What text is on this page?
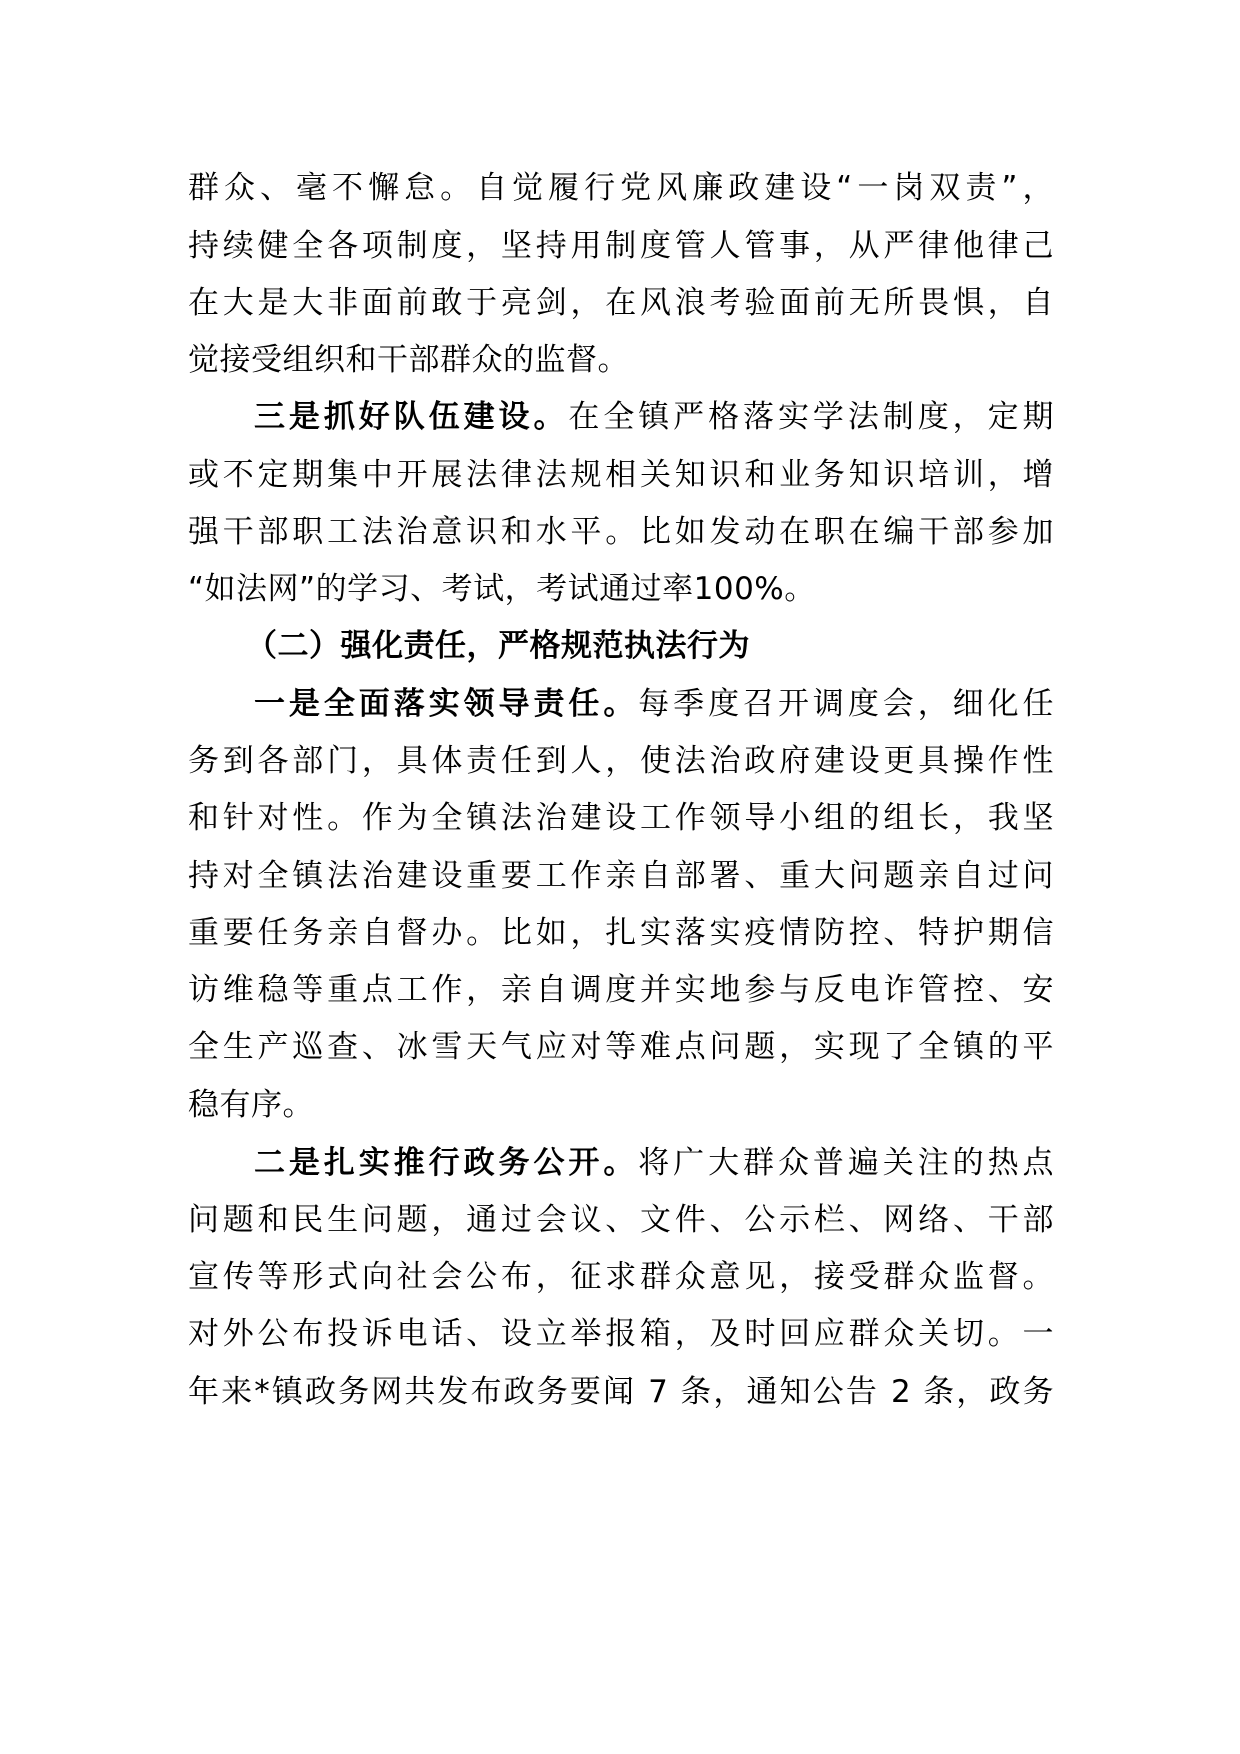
群众、毫不懈怠。自觉履行党风廉政建设“一岗双责”，
持续健全各项制度，坚持用制度管人管事，从严律他律己
在大是大非面前敢于亮剑，在风浪考验面前无所畏惧，自
觉接受组织和干部群众的监督。
三是抓好队伍建设。在全镇严格落实学法制度，定期
或不定期集中开展法律法规相关知识和业务知识培训，增
强干部职工法治意识和水平。比如发动在职在编干部参加
“如法网”的学习、考试，考试通过率100%。
（二）强化责任，严格规范执法行为
一是全面落实领导责任。每季度召开调度会，细化任
务到各部门，具体责任到人，使法治政府建设更具操作性
和针对性。作为全镇法治建设工作领导小组的组长，我坚
持对全镇法治建设重要工作亲自部署、重大问题亲自过问
重要任务亲自督办。比如，扎实落实疫情防控、特护期信
访维稳等重点工作，亲自调度并实地参与反电诈管控、安
全生产巡查、冰雪天气应对等难点问题，实现了全镇的平
稳有序。
二是扎实推行政务公开。将广大群众普遍关注的热点
问题和民生问题，通过会议、文件、公示栏、网络、干部
宣传等形式向社会公布，征求群众意见，接受群众监督。
对外公布投诉电话、设立举报箱，及时回应群众关切。一
年来*镇政务网共发布政务要闻 7 条，通知公告 2 条，政务
